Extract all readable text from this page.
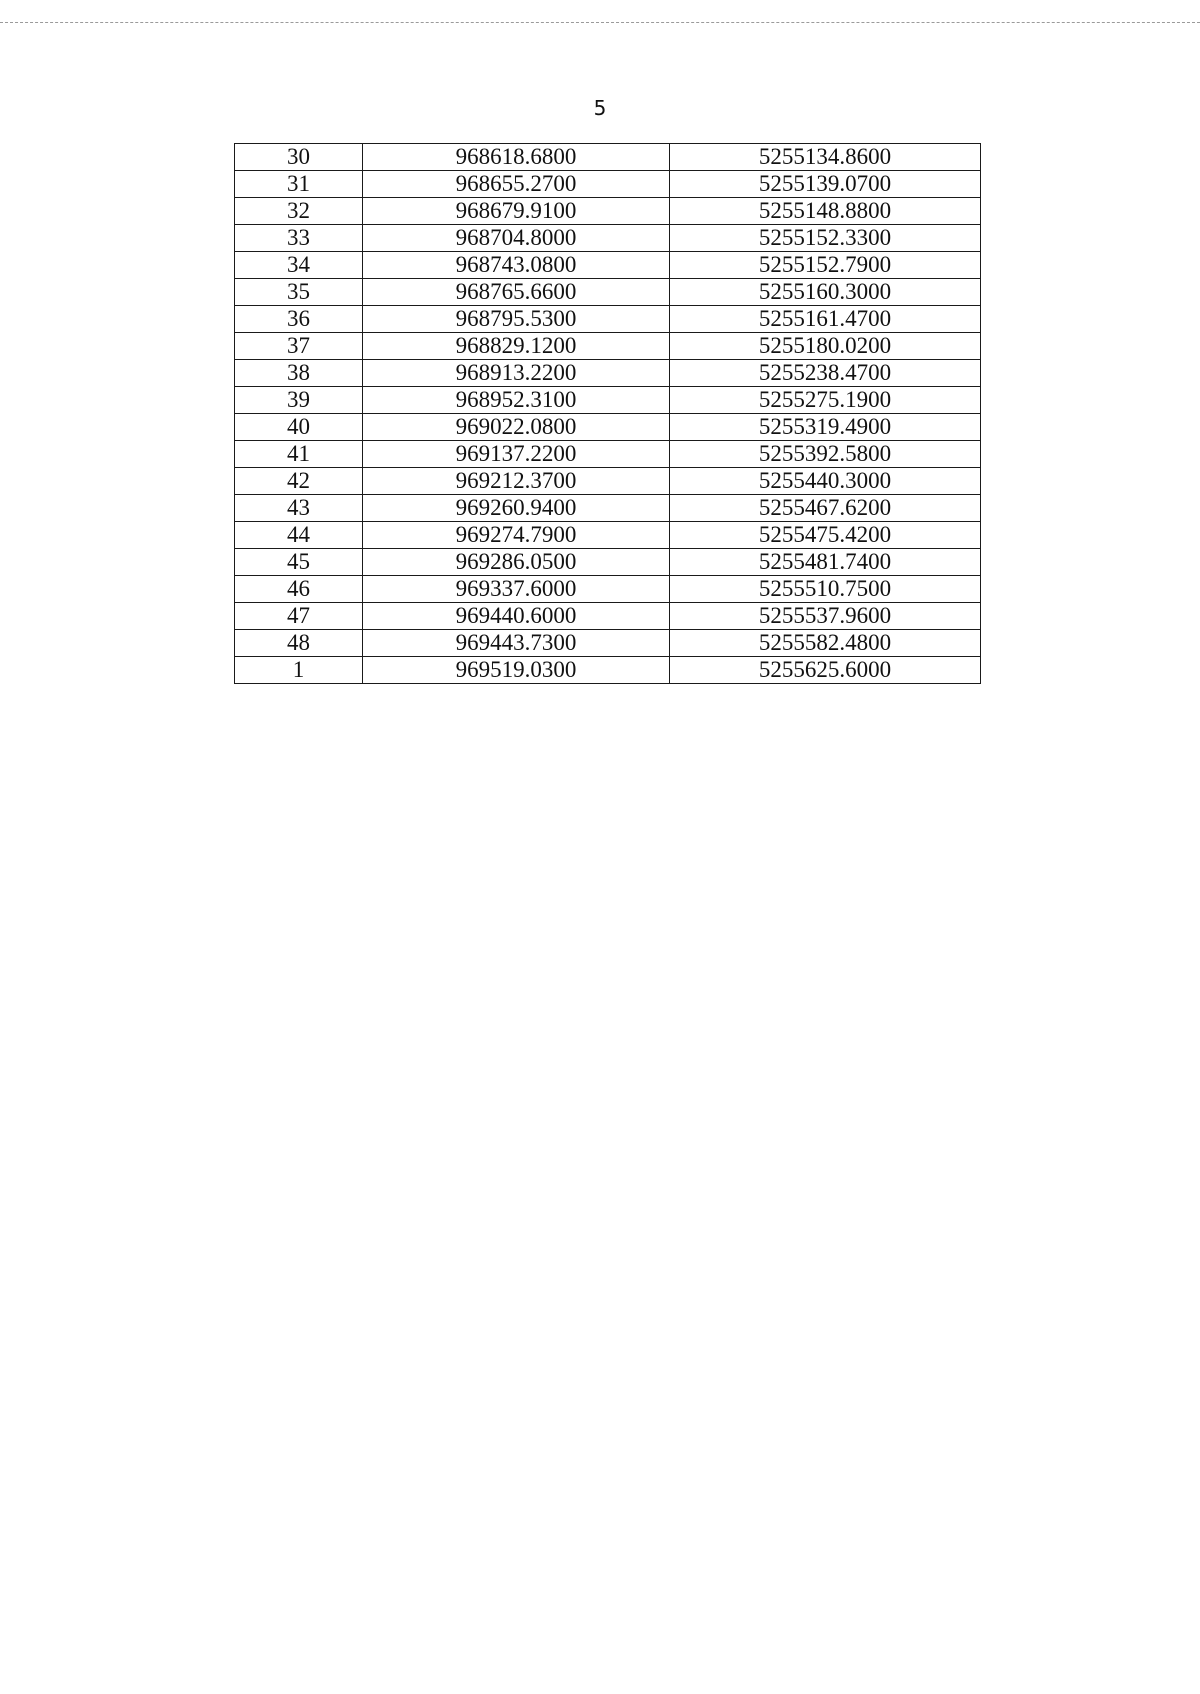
5
30	968618.6800	5255134.8600
31	968655.2700	5255139.0700
32	968679.9100	5255148.8800
33	968704.8000	5255152.3300
34	968743.0800	5255152.7900
35	968765.6600	5255160.3000
36	968795.5300	5255161.4700
37	968829.1200	5255180.0200
38	968913.2200	5255238.4700
39	968952.3100	5255275.1900
40	969022.0800	5255319.4900
41	969137.2200	5255392.5800
42	969212.3700	5255440.3000
43	969260.9400	5255467.6200
44	969274.7900	5255475.4200
45	969286.0500	5255481.7400
46	969337.6000	5255510.7500
47	969440.6000	5255537.9600
48	969443.7300	5255582.4800
1	969519.0300	5255625.6000
